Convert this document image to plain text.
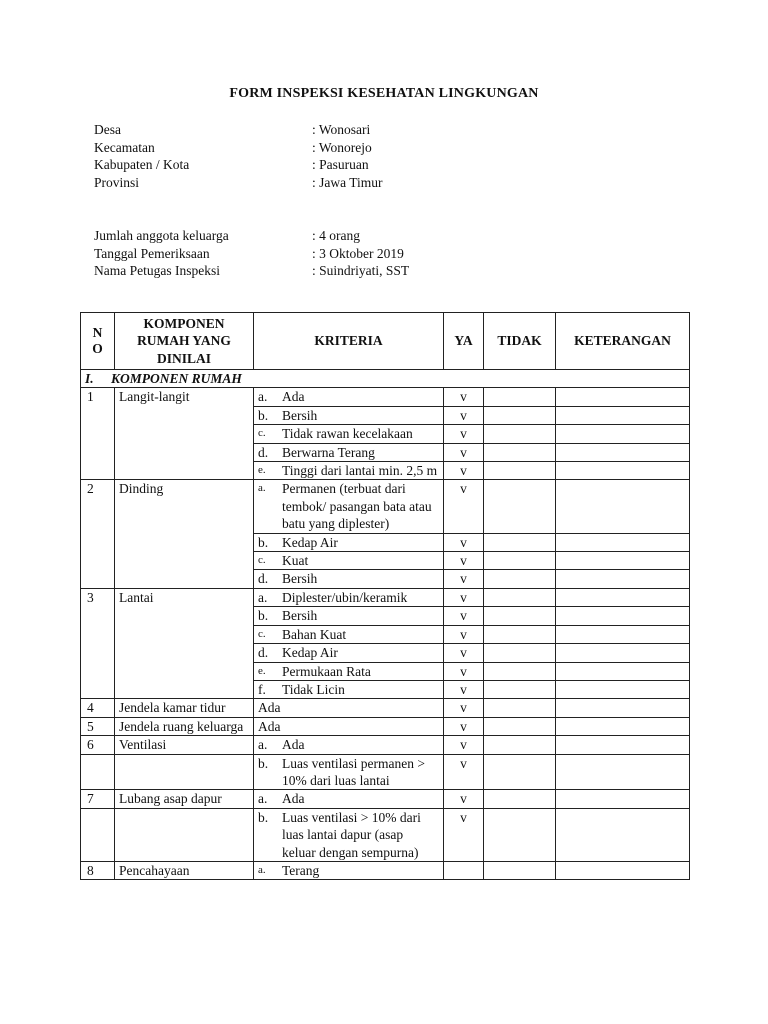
FORM INSPEKSI KESEHATAN LINGKUNGAN
Desa	: Wonosari
Kecamatan	: Wonorejo
Kabupaten / Kota	: Pasuruan
Provinsi	: Jawa Timur
Jumlah anggota keluarga	: 4 orang
Tanggal Pemeriksaan	: 3 Oktober 2019
Nama Petugas Inspeksi	: Suindriyati, SST
N
O	KOMPONEN RUMAH YANG DINILAI	KRITERIA	YA	TIDAK	KETERANGAN
I. KOMPONEN RUMAH					
1	Langit-langit	a. Ada	v		

		b. Bersih	v		

		c. Tidak rawan kecelakaan	v		

		d. Berwarna Terang	v		

		e. Tinggi dari lantai min. 2,5 m	v		
2	Dinding	a. Permanen (terbuat dari tembok/ pasangan bata atau batu yang diplester)	v		

		b. Kedap Air	v		

		c. Kuat	v		

		d. Bersih	v		
3	Lantai	a. Diplester/ubin/keramik	v		

		b. Bersih	v		

		c. Bahan Kuat	v		

		d. Kedap Air	v		

		e. Permukaan Rata	v		

		f. Tidak Licin	v		
4	Jendela kamar tidur	Ada	v		
5	Jendela ruang keluarga	Ada	v		
6	Ventilasi	a. Ada	v		

		b. Luas ventilasi permanen > 10% dari luas lantai	v		
7	Lubang asap dapur	a. Ada	v		

		b. Luas ventilasi > 10% dari luas lantai dapur (asap keluar dengan sempurna)	v		
8	Pencahayaan	a. Terang			
